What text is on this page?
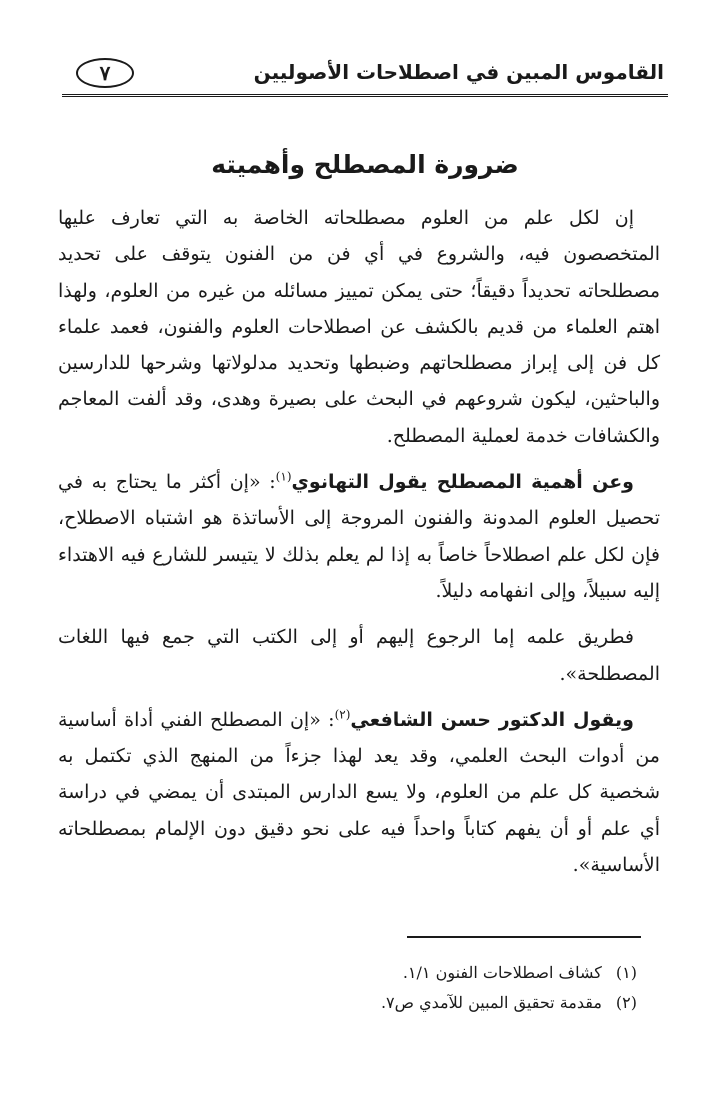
القاموس المبين في اصطلاحات الأصوليين
٧
ضرورة المصطلح وأهميته

إن لكل علم من العلوم مصطلحاته الخاصة به التي تعارف عليها المتخصصون فيه، والشروع في أي فن من الفنون يتوقف على تحديد مصطلحاته تحديداً دقيقاً؛ حتى يمكن تمييز مسائله من غيره من العلوم، ولهذا اهتم العلماء من قديم بالكشف عن اصطلاحات العلوم والفنون، فعمد علماء كل فن إلى إبراز مصطلحاتهم وضبطها وتحديد مدلولاتها وشرحها للدارسين والباحثين، ليكون شروعهم في البحث على بصيرة وهدى، وقد ألفت المعاجم والكشافات خدمة لعملية المصطلح.

وعن أهمية المصطلح يقول التهانوي$^{(١)}$: «إن أكثر ما يحتاج به في تحصيل العلوم المدونة والفنون المروجة إلى الأساتذة هو اشتباه الاصطلاح، فإن لكل علم اصطلاحاً خاصاً به إذا لم يعلم بذلك لا يتيسر للشارع فيه الاهتداء إليه سبيلاً، وإلى انفهامه دليلاً.

فطريق علمه إما الرجوع إليهم أو إلى الكتب التي جمع فيها اللغات المصطلحة».

ويقول الدكتور حسن الشافعي$^{(٢)}$: «إن المصطلح الفني أداة أساسية من أدوات البحث العلمي، وقد يعد لهذا جزءاً من المنهج الذي تكتمل به شخصية كل علم من العلوم، ولا يسع الدارس المبتدى أن يمضي في دراسة أي علم أو أن يفهم كتاباً واحداً فيه على نحو دقيق دون الإلمام بمصطلحاته الأساسية».

(١)كشاف اصطلاحات الفنون ١/١.
(٢)مقدمة تحقيق المبين للآمدي ص٧.
